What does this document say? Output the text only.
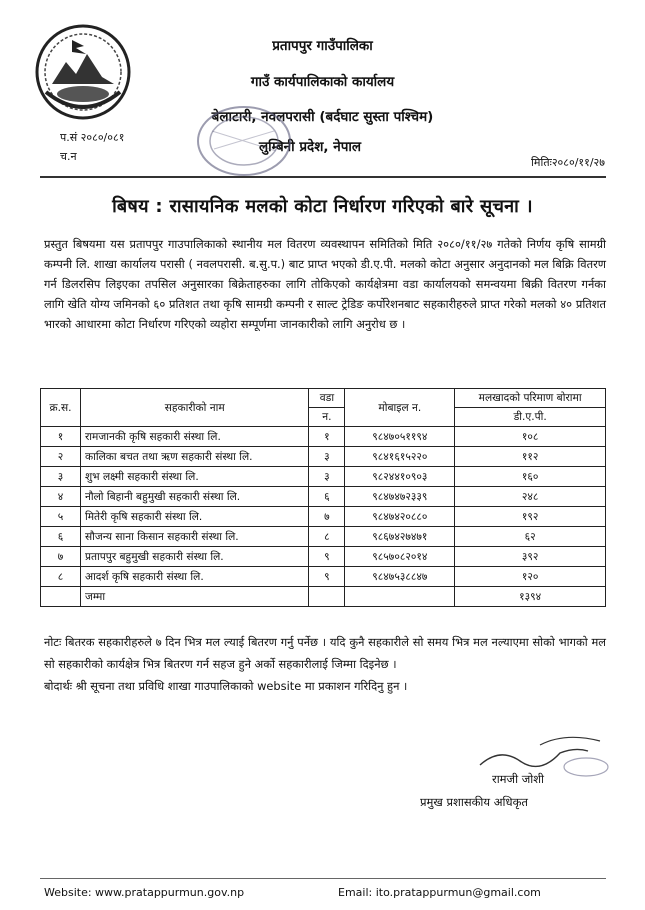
प्रतापपुर गाउँपालिका
गाउँ कार्यपालिकाको कार्यालय
बेलाटारी, नवलपरासी (बर्दघाट सुस्ता पश्चिम)
लुम्बिनी प्रदेश, नेपाल
प.सं २०८०/०८१
च.न	मितिः२०८०/११/२७
बिषय : रासायनिक मलको कोटा निर्धारण गरिएको बारे सूचना ।
प्रस्तुत बिषयमा यस प्रतापपुर गाउपालिकाको स्थानीय मल वितरण व्यवस्थापन समितिको मिति २०८०/११/२७ गतेको निर्णय कृषि सामग्री कम्पनी लि. शाखा कार्यालय परासी ( नवलपरासी. ब.सु.प.) बाट प्राप्त भएको डी.ए.पी. मलको कोटा अनुसार अनुदानको मल बिक्रि वितरण गर्न डिलरसिप लिइएका तपसिल अनुसारका बिक्रेताहरुका लागि तोकिएको कार्यक्षेत्रमा वडा कार्यालयको समन्वयमा बिक्री वितरण गर्नका लागि खेति योग्य जमिनको ६० प्रतिशत तथा कृषि सामग्री कम्पनी र साल्ट ट्रेडिङ कर्पोरेशनबाट सहकारीहरुले प्राप्त गरेको मलको ४० प्रतिशत भारको आधारमा कोटा निर्धारण गरिएको व्यहोरा सम्पूर्णमा जानकारीको लागि अनुरोध छ ।
क्र.स.	सहकारीको नाम	वडा	मोबाइल न.	मलखादको परिमाण बोरामा
		न.		डी.ए.पी.
१	रामजानकी कृषि सहकारी संस्था लि.	१	९८४७०५११९४	१०८
२	कालिका बचत तथा ऋण सहकारी संस्था लि.	३	९८४१६१५२२०	११२
३	शुभ लक्ष्मी सहकारी संस्था लि.	३	९८२४४१०९०३	१६०
४	नौलो बिहानी बहुमुखी सहकारी संस्था लि.	६	९८४७४७२३३९	२४८
५	मितेरी कृषि सहकारी संस्था लि.	७	९८४७४२०८८०	१९२
६	सौजन्य साना किसान सहकारी संस्था लि.	८	९८६७४२७४७१	६२
७	प्रतापपुर बहुमुखी सहकारी संस्था लि.	९	९८५७०८२०१४	३९२
८	आदर्श कृषि सहकारी संस्था लि.	९	९८४७५३८८४७	१२०
	जम्मा			१३९४
नोटः बितरक सहकारीहरुले ७ दिन भित्र मल ल्याई बितरण गर्नु पर्नेछ । यदि कुनै सहकारीले सो समय भित्र मल नल्याएमा सोको भागको मल सो सहकारीको कार्यक्षेत्र भित्र बितरण गर्न सहज हुने अर्को सहकारीलाई जिम्मा दिइनेछ ।
बोदार्थः श्री सूचना तथा प्रविधि शाखा गाउपालिकाको website मा प्रकाशन गरिदिनु हुन ।
रामजी जोशी
प्रमुख प्रशासकीय अधिकृत
Website: www.pratappurmun.gov.np	Email: ito.pratappurmun@gmail.com
